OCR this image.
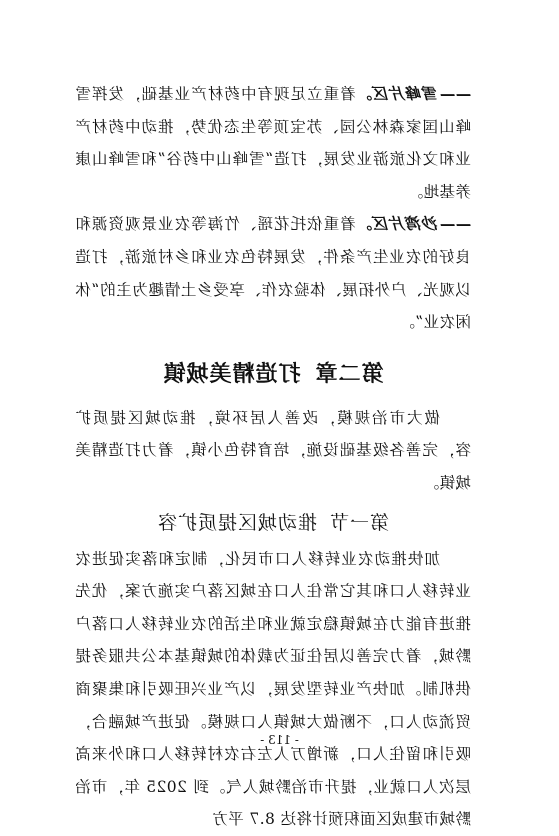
——雪峰片区。着重立足现有中药材产业基础，发挥雪峰山国家森林公园、苏宝顶等生态优势，推动中药材产业和文化旅游业发展，打造“雪峰山中药谷”和雪峰山康养基地。

——沙湾片区。着重依托花瑶、竹海等农业景观资源和良好的农业生产条件，发展特色农业和乡村旅游，打造以观光、户外拓展、体验农作、享受乡土情趣为主的“休闲农业”。

第二章打造精美城镇

做大市治规模，改善人居环境，推动城区提质扩容，完善各级基础设施，培育特色小镇，着力打造精美城镇。

第一节推动城区提质扩容

加快推动农业转移人口市民化，制定和落实促进农业转移人口和其它常住人口在城区落户实施方案，优先推进有能力在城镇稳定就业和生活的农业转移人口落户黔城，着力完善以居住证为载体的城镇基本公共服务提供机制。加快产业转型发展，以产业兴旺吸引和集聚商贸流动人口，不断做大城镇人口规模。促进产城融合，吸引和留住人口，新增万人左右农村转移人口和外来高层次人口就业，提升市治黔城人气。到 2025 年，市治黔城市建成区面积预计将达 8.7 平方

- 113 -
